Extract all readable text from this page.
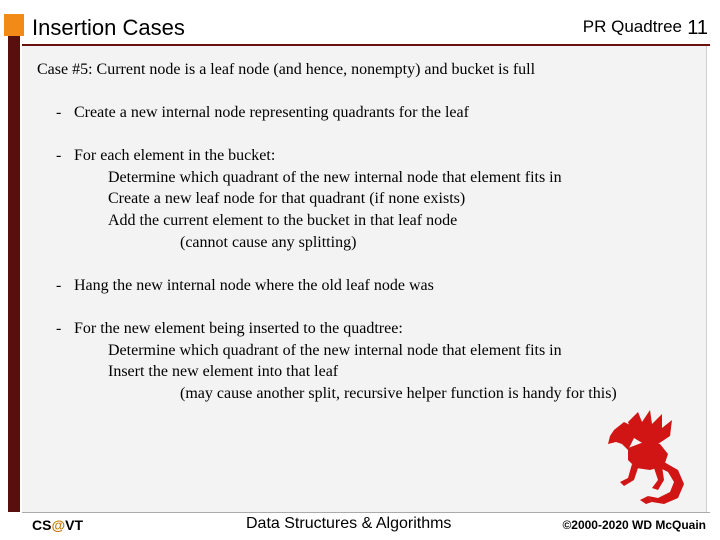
Insertion Cases	PR Quadtree 11
Case #5: Current node is a leaf node (and hence, nonempty) and bucket is full
- Create a new internal node representing quadrants for the leaf
- For each element in the bucket:
Determine which quadrant of the new internal node that element fits in
Create a new leaf node for that quadrant (if none exists)
Add the current element to the bucket in that leaf node
(cannot cause any splitting)
- Hang the new internal node where the old leaf node was
- For the new element being inserted to the quadtree:
Determine which quadrant of the new internal node that element fits in
Insert the new element into that leaf
(may cause another split, recursive helper function is handy for this)
CS@VT	Data Structures & Algorithms	©2000-2020 WD McQuain
